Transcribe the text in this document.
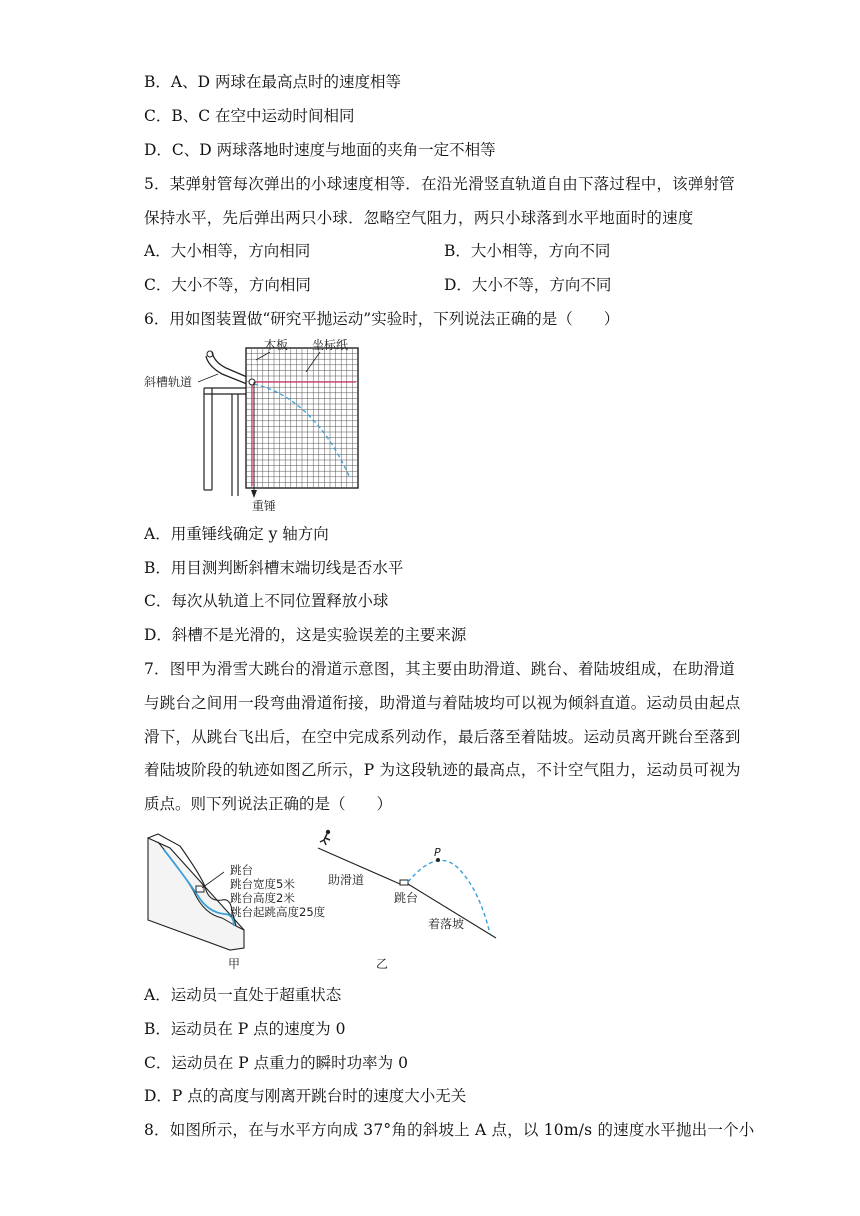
B．A、D 两球在最高点时的速度相等
C．B、C 在空中运动时间相同
D．C、D 两球落地时速度与地面的夹角一定不相等
5．某弹射管每次弹出的小球速度相等．在沿光滑竖直轨道自由下落过程中，该弹射管
保持水平，先后弹出两只小球．忽略空气阻力，两只小球落到水平地面时的速度
A．大小相等，方向相同	B．大小相等，方向不同
C．大小不等，方向相同	D．大小不等，方向不同
6．用如图装置做“研究平抛运动”实验时，下列说法正确的是（　　）
木板 坐标纸
斜槽轨道
重锤
A．用重锤线确定 y 轴方向
B．用目测判断斜槽末端切线是否水平
C．每次从轨道上不同位置释放小球
D．斜槽不是光滑的，这是实验误差的主要来源
7．图甲为滑雪大跳台的滑道示意图，其主要由助滑道、跳台、着陆坡组成，在助滑道
与跳台之间用一段弯曲滑道衔接，助滑道与着陆坡均可以视为倾斜直道。运动员由起点
滑下，从跳台飞出后，在空中完成系列动作，最后落至着陆坡。运动员离开跳台至落到
着陆坡阶段的轨迹如图乙所示，P 为这段轨迹的最高点，不计空气阻力，运动员可视为
质点。则下列说法正确的是（　　）
跳台
跳台宽度5米
跳台高度2米
跳台起跳高度25度
甲
P
助滑道
跳台
着落坡
乙
A．运动员一直处于超重状态
B．运动员在 P 点的速度为 0
C．运动员在 P 点重力的瞬时功率为 0
D．P 点的高度与刚离开跳台时的速度大小无关
8．如图所示，在与水平方向成 37°角的斜坡上 A 点，以 10m/s 的速度水平抛出一个小
